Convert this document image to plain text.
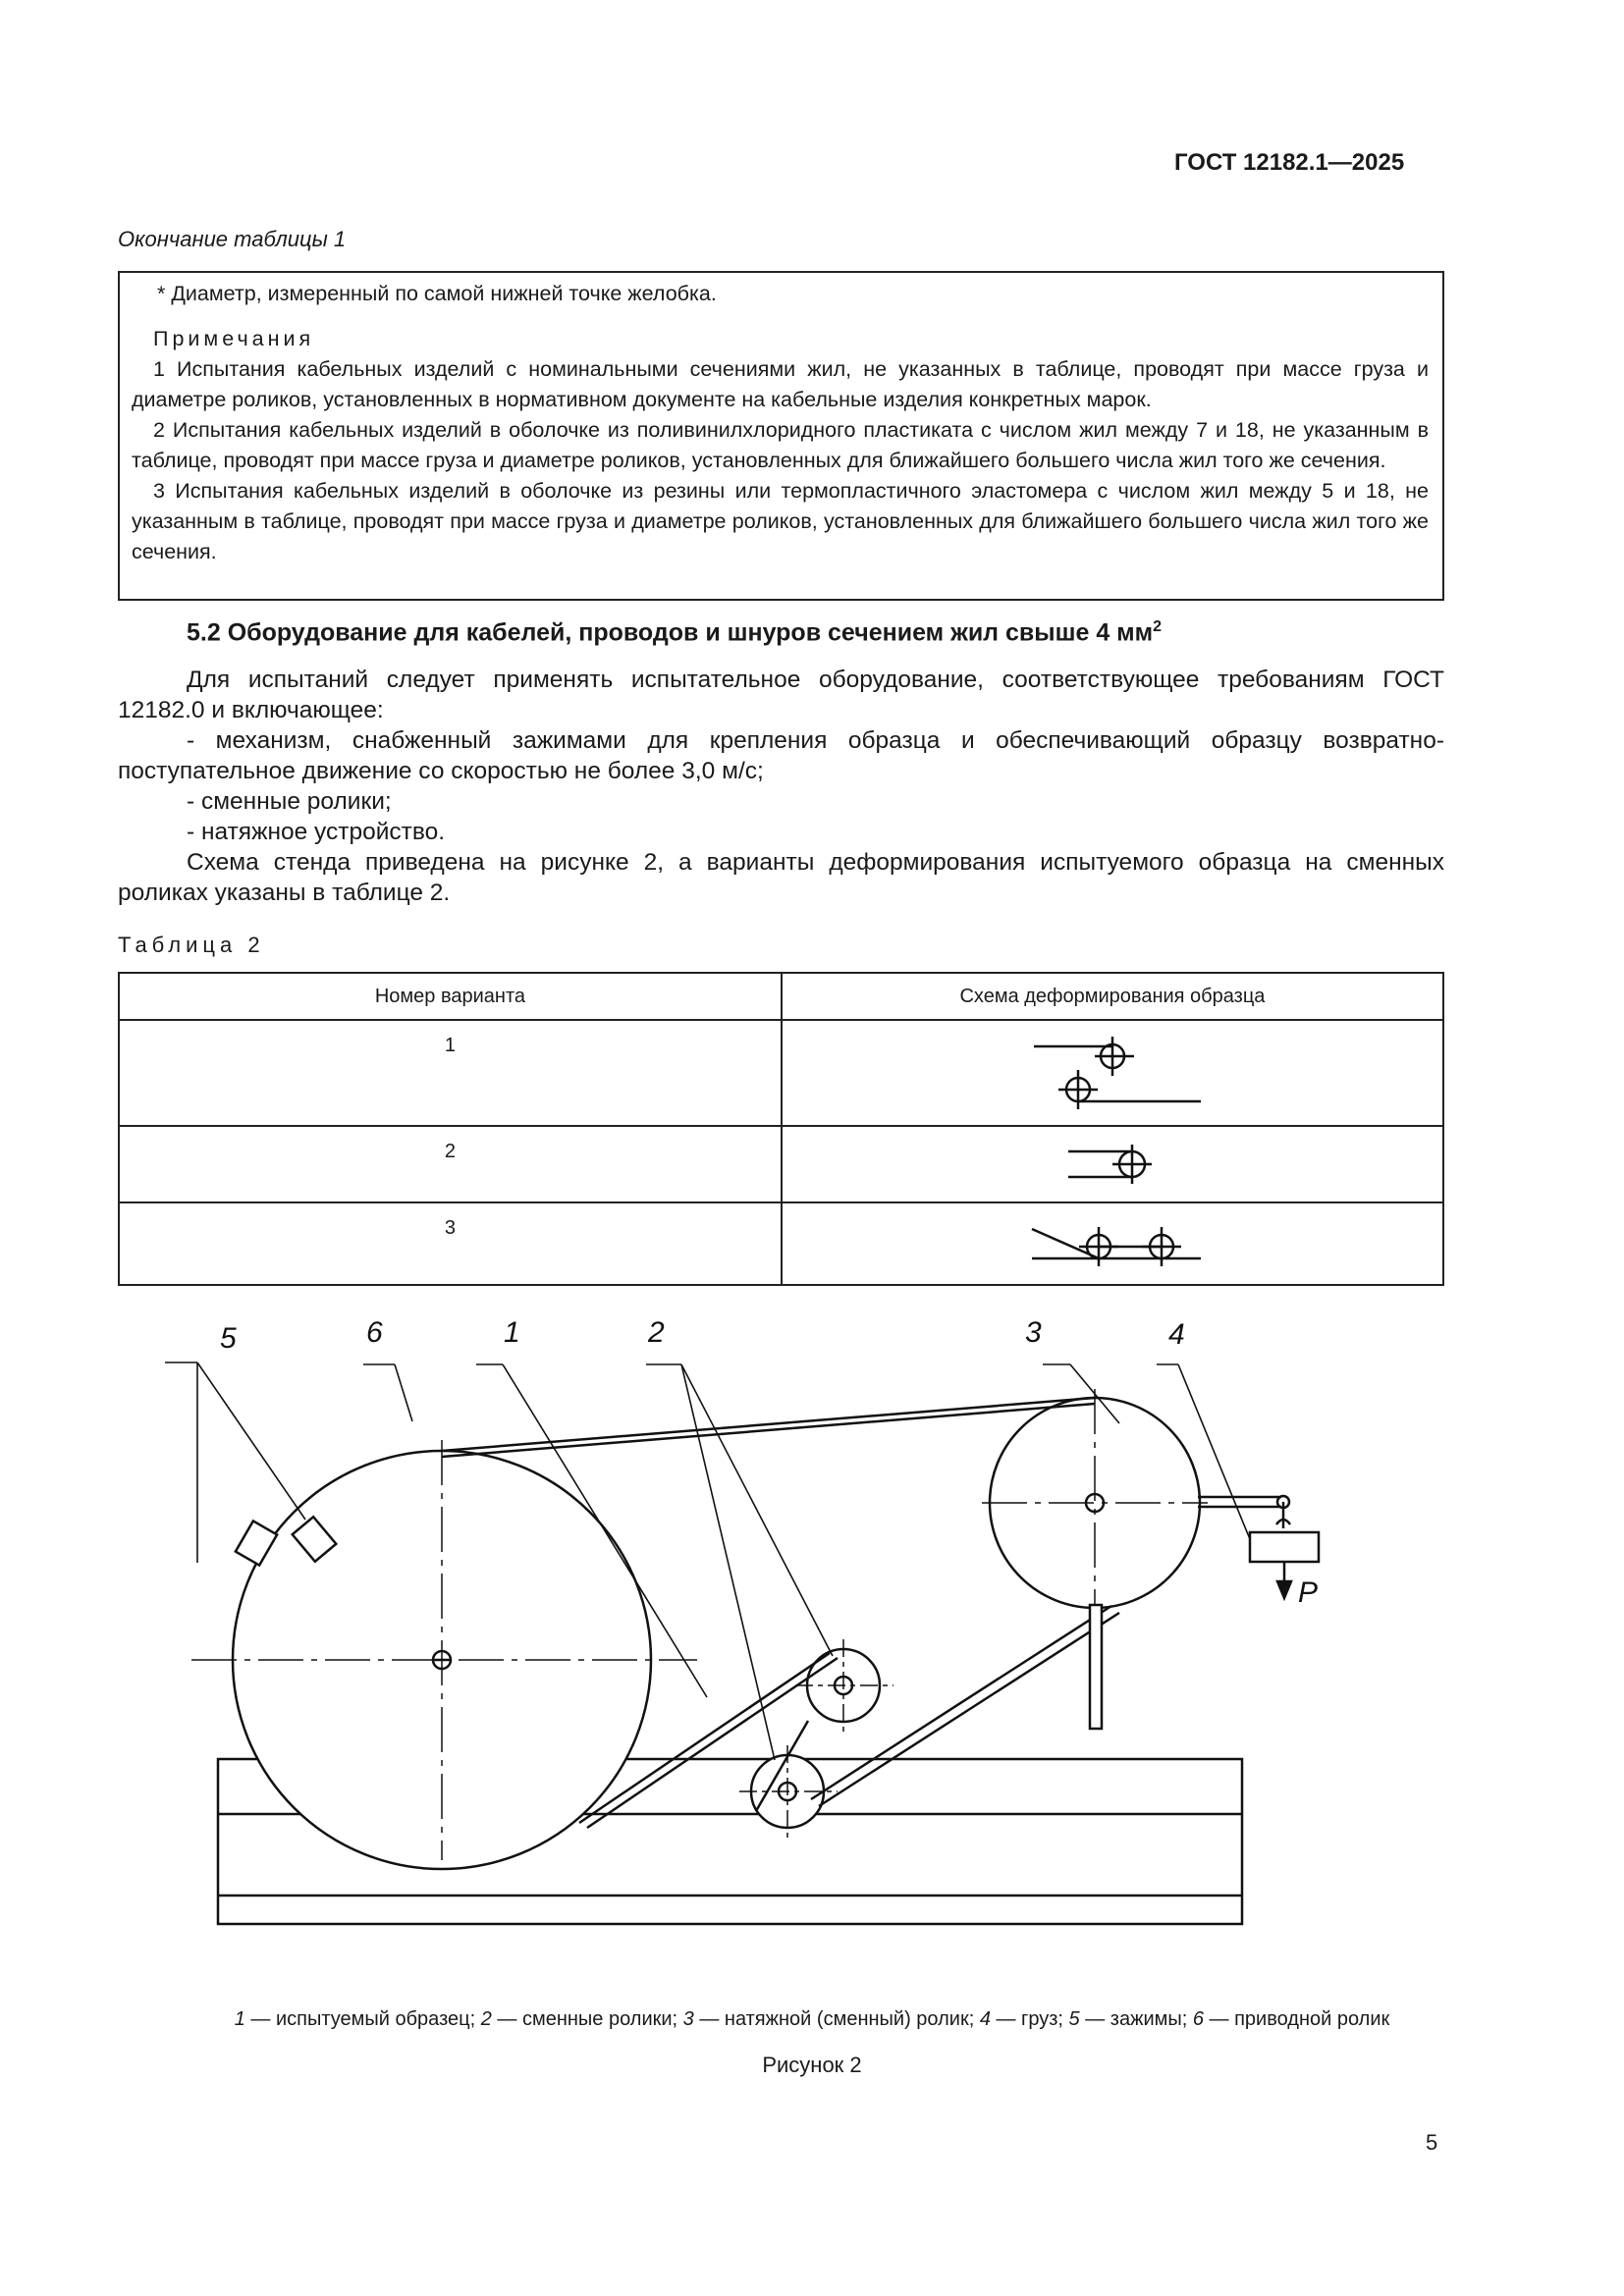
ГОСТ 12182.1—2025
Окончание таблицы 1
* Диаметр, измеренный по самой нижней точке желобка.
Примечания
1 Испытания кабельных изделий с номинальными сечениями жил, не указанных в таблице, проводят при массе груза и диаметре роликов, установленных в нормативном документе на кабельные изделия конкретных марок.
2 Испытания кабельных изделий в оболочке из поливинилхлоридного пластиката с числом жил между 7 и 18, не указанным в таблице, проводят при массе груза и диаметре роликов, установленных для ближайшего большего числа жил того же сечения.
3 Испытания кабельных изделий в оболочке из резины или термопластичного эластомера с числом жил между 5 и 18, не указанным в таблице, проводят при массе груза и диаметре роликов, установленных для ближайшего большего числа жил того же сечения.
5.2 Оборудование для кабелей, проводов и шнуров сечением жил свыше 4 $мм^2$

Для испытаний следует применять испытательное оборудование, соответствующее требованиям ГОСТ 12182.0 и включающее:

- механизм, снабженный зажимами для крепления образца и обеспечивающий образцу возвратно-поступательное движение со скоростью не более 3,0 м/с;
- сменные ролики;
- натяжное устройство.

Схема стенда приведена на рисунке 2, а варианты деформирования испытуемого образца на сменных роликах указаны в таблице 2.

Таблица 2
Номер варианта	Схема деформирования образца
1	

2	

3	
5	6	1	2	3	4
P
1 — испытуемый образец; 2 — сменные ролики; 3 — натяжной (сменный) ролик; 4 — груз; 5 — зажимы; 6 — приводной ролик
Рисунок 2
5
